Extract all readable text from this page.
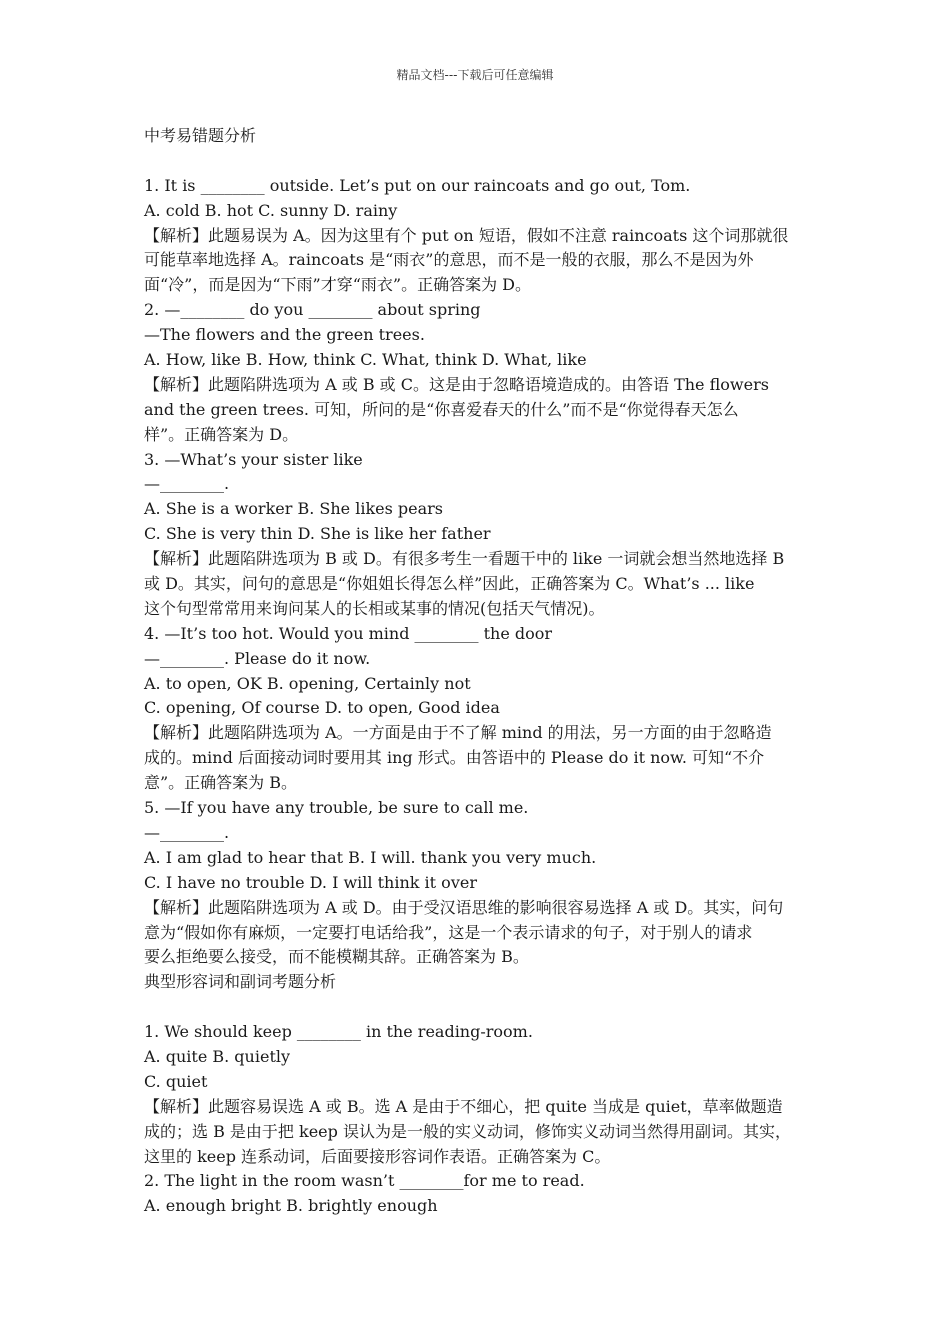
精品文档---下载后可任意编辑
中考易错题分析
1. It is ________ outside. Let’s put on our raincoats and go out, Tom.
A. cold B. hot C. sunny D. rainy
【解析】此题易误为 A。因为这里有个 put on 短语，假如不注意 raincoats 这个词那就很
可能草率地选择 A。raincoats 是“雨衣”的意思，而不是一般的衣服，那么不是因为外
面“冷”，而是因为“下雨”才穿“雨衣”。正确答案为 D。
2. —________ do you ________ about spring
—The flowers and the green trees.
A. How, like B. How, think C. What, think D. What, like
【解析】此题陷阱选项为 A 或 B 或 C。这是由于忽略语境造成的。由答语 The flowers
and the green trees. 可知，所问的是“你喜爱春天的什么”而不是“你觉得春天怎么
样”。正确答案为 D。
3. —What’s your sister like
—________.
A. She is a worker B. She likes pears
C. She is very thin D. She is like her father
【解析】此题陷阱选项为 B 或 D。有很多考生一看题干中的 like 一词就会想当然地选择 B
或 D。其实，问句的意思是“你姐姐长得怎么样”因此，正确答案为 C。What’s ... like
这个句型常常用来询问某人的长相或某事的情况(包括天气情况)。
4. —It’s too hot. Would you mind ________ the door
—________. Please do it now.
A. to open, OK B. opening, Certainly not
C. opening, Of course D. to open, Good idea
【解析】此题陷阱选项为 A。一方面是由于不了解 mind 的用法，另一方面的由于忽略造
成的。mind 后面接动词时要用其 ing 形式。由答语中的 Please do it now. 可知“不介
意”。正确答案为 B。
5. —If you have any trouble, be sure to call me.
—________.
A. I am glad to hear that B. I will. thank you very much.
C. I have no trouble D. I will think it over
【解析】此题陷阱选项为 A 或 D。由于受汉语思维的影响很容易选择 A 或 D。其实，问句
意为“假如你有麻烦，一定要打电话给我”，这是一个表示请求的句子，对于别人的请求
要么拒绝要么接受，而不能模糊其辞。正确答案为 B。
典型形容词和副词考题分析
1. We should keep ________ in the reading-room.
A. quite B. quietly
C. quiet
【解析】此题容易误选 A 或 B。选 A 是由于不细心，把 quite 当成是 quiet，草率做题造
成的；选 B 是由于把 keep 误认为是一般的实义动词，修饰实义动词当然得用副词。其实，
这里的 keep 连系动词，后面要接形容词作表语。正确答案为 C。
2. The light in the room wasn’t ________for me to read.
A. enough bright B. brightly enough
